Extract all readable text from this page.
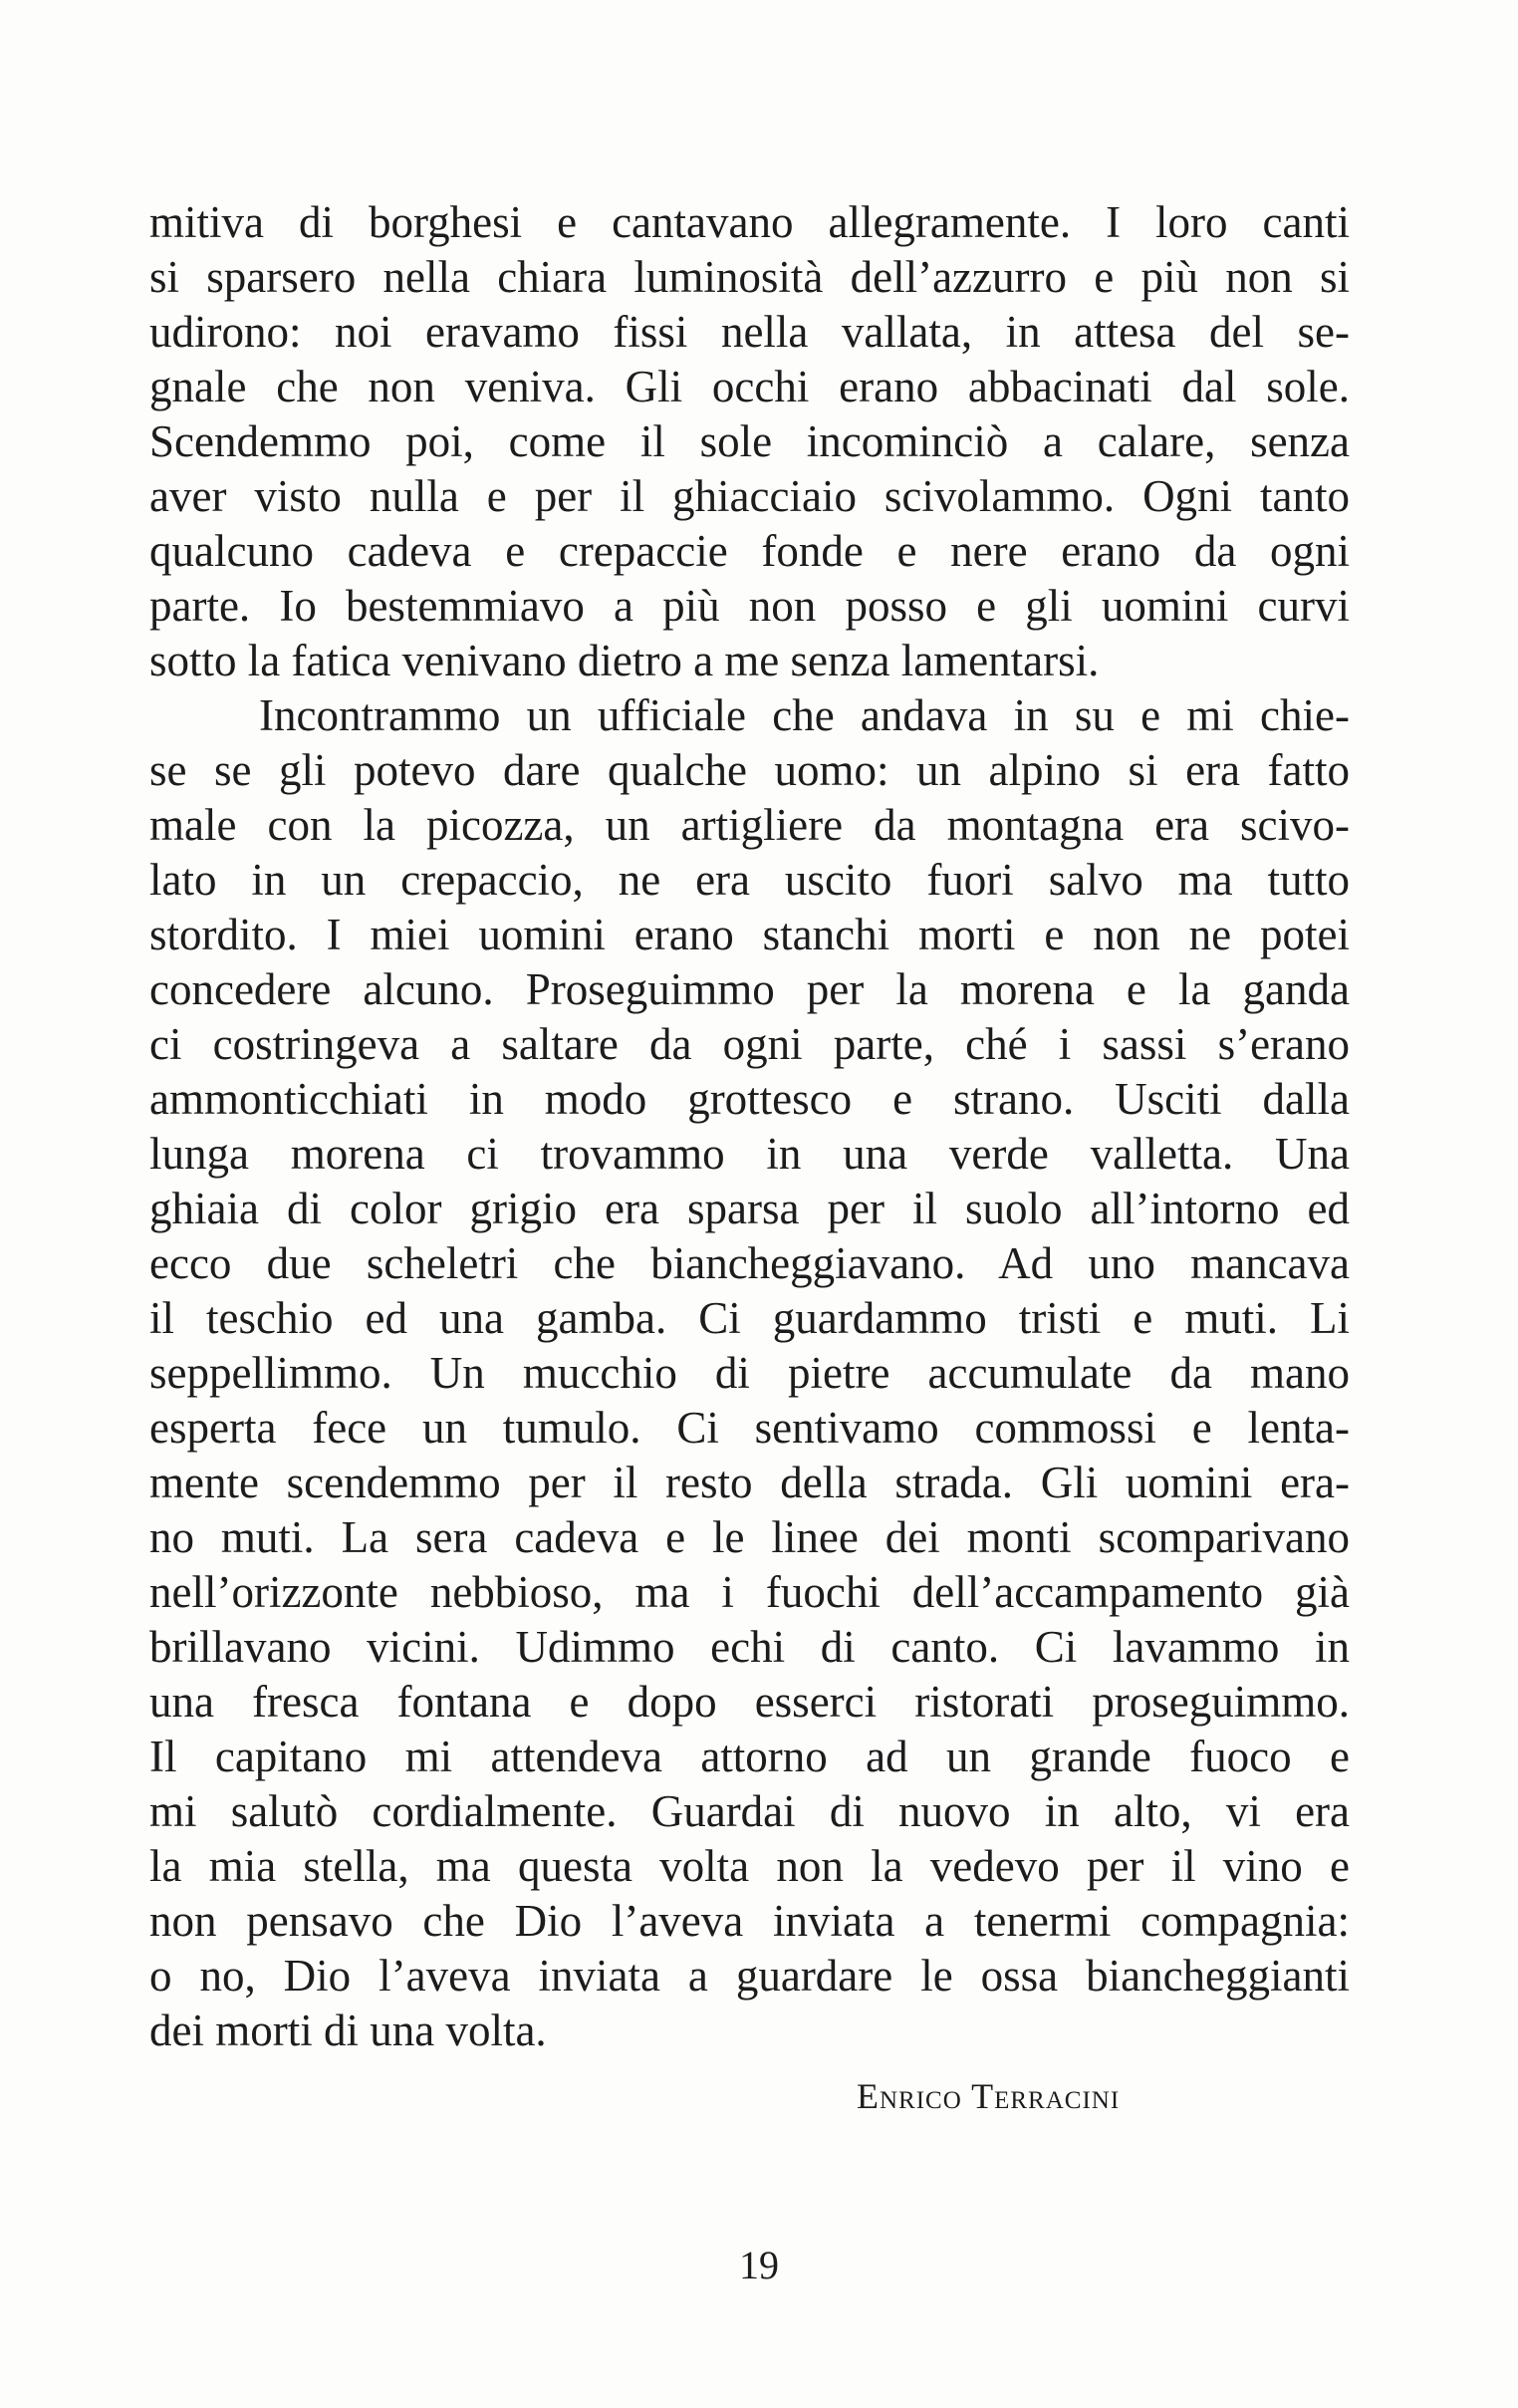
mitiva di borghesi e cantavano allegramente. I loro canti
si sparsero nella chiara luminosità dell’azzurro e più non si
udirono: noi eravamo fissi nella vallata, in attesa del se-
gnale che non veniva. Gli occhi erano abbacinati dal sole.
Scendemmo poi, come il sole incominciò a calare, senza
aver visto nulla e per il ghiacciaio scivolammo. Ogni tanto
qualcuno cadeva e crepaccie fonde e nere erano da ogni
parte. Io bestemmiavo a più non posso e gli uomini curvi
sotto la fatica venivano dietro a me senza lamentarsi.
Incontrammo un ufficiale che andava in su e mi chie-
se se gli potevo dare qualche uomo: un alpino si era fatto
male con la picozza, un artigliere da montagna era scivo-
lato in un crepaccio, ne era uscito fuori salvo ma tutto
stordito. I miei uomini erano stanchi morti e non ne potei
concedere alcuno. Proseguimmo per la morena e la ganda
ci costringeva a saltare da ogni parte, ché i sassi s’erano
ammonticchiati in modo grottesco e strano. Usciti dalla
lunga morena ci trovammo in una verde valletta. Una
ghiaia di color grigio era sparsa per il suolo all’intorno ed
ecco due scheletri che biancheggiavano. Ad uno mancava
il teschio ed una gamba. Ci guardammo tristi e muti. Li
seppellimmo. Un mucchio di pietre accumulate da mano
esperta fece un tumulo. Ci sentivamo commossi e lenta-
mente scendemmo per il resto della strada. Gli uomini era-
no muti. La sera cadeva e le linee dei monti scomparivano
nell’orizzonte nebbioso, ma i fuochi dell’accampamento già
brillavano vicini. Udimmo echi di canto. Ci lavammo in
una fresca fontana e dopo esserci ristorati proseguimmo.
Il capitano mi attendeva attorno ad un grande fuoco e
mi salutò cordialmente. Guardai di nuovo in alto, vi era
la mia stella, ma questa volta non la vedevo per il vino e
non pensavo che Dio l’aveva inviata a tenermi compagnia:
o no, Dio l’aveva inviata a guardare le ossa biancheggianti
dei morti di una volta.
Enrico Terracini
19
